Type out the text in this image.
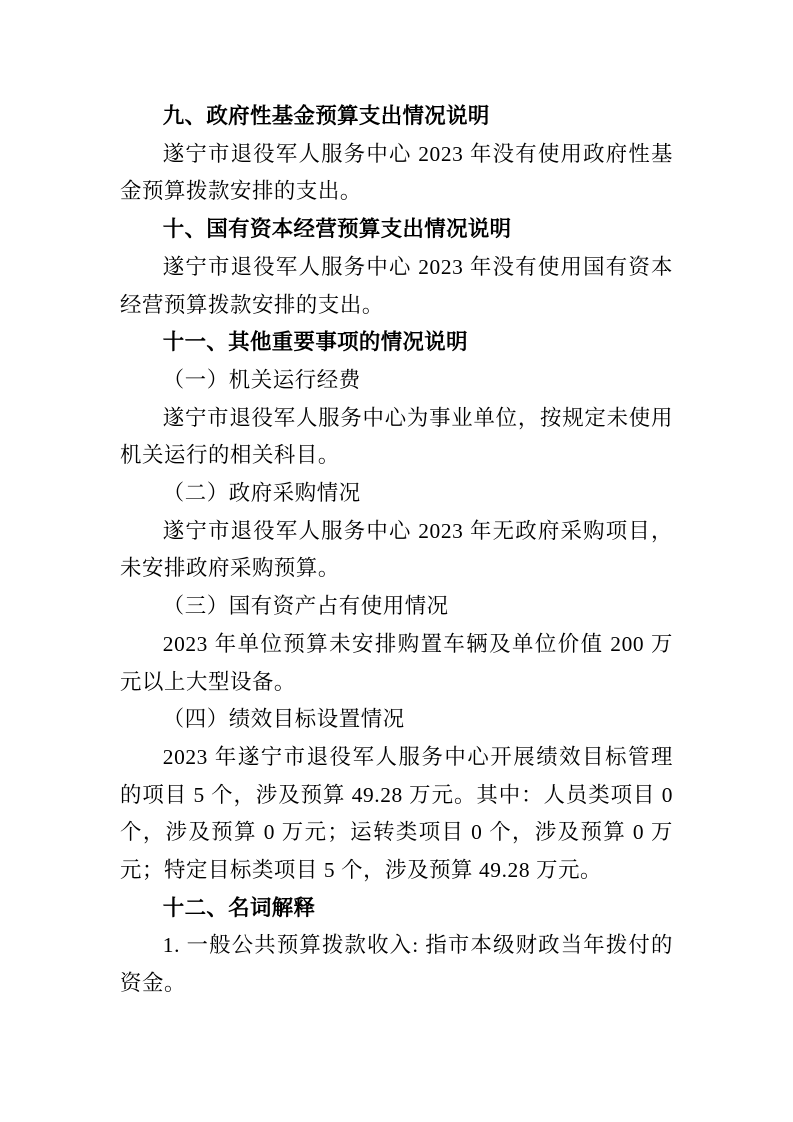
九、政府性基金预算支出情况说明

遂宁市退役军人服务中心 2023 年没有使用政府性基金预算拨款安排的支出。

十、国有资本经营预算支出情况说明

遂宁市退役军人服务中心 2023 年没有使用国有资本经营预算拨款安排的支出。

十一、其他重要事项的情况说明

（一）机关运行经费

遂宁市退役军人服务中心为事业单位，按规定未使用机关运行的相关科目。

（二）政府采购情况

遂宁市退役军人服务中心 2023 年无政府采购项目，未安排政府采购预算。

（三）国有资产占有使用情况

2023 年单位预算未安排购置车辆及单位价值 200 万元以上大型设备。

（四）绩效目标设置情况

2023 年遂宁市退役军人服务中心开展绩效目标管理的项目 5 个，涉及预算 49.28 万元。其中：人员类项目 0 个，涉及预算 0 万元；运转类项目 0 个，涉及预算 0 万元；特定目标类项目 5 个，涉及预算 49.28 万元。

十二、名词解释

1. 一般公共预算拨款收入: 指市本级财政当年拨付的资金。
